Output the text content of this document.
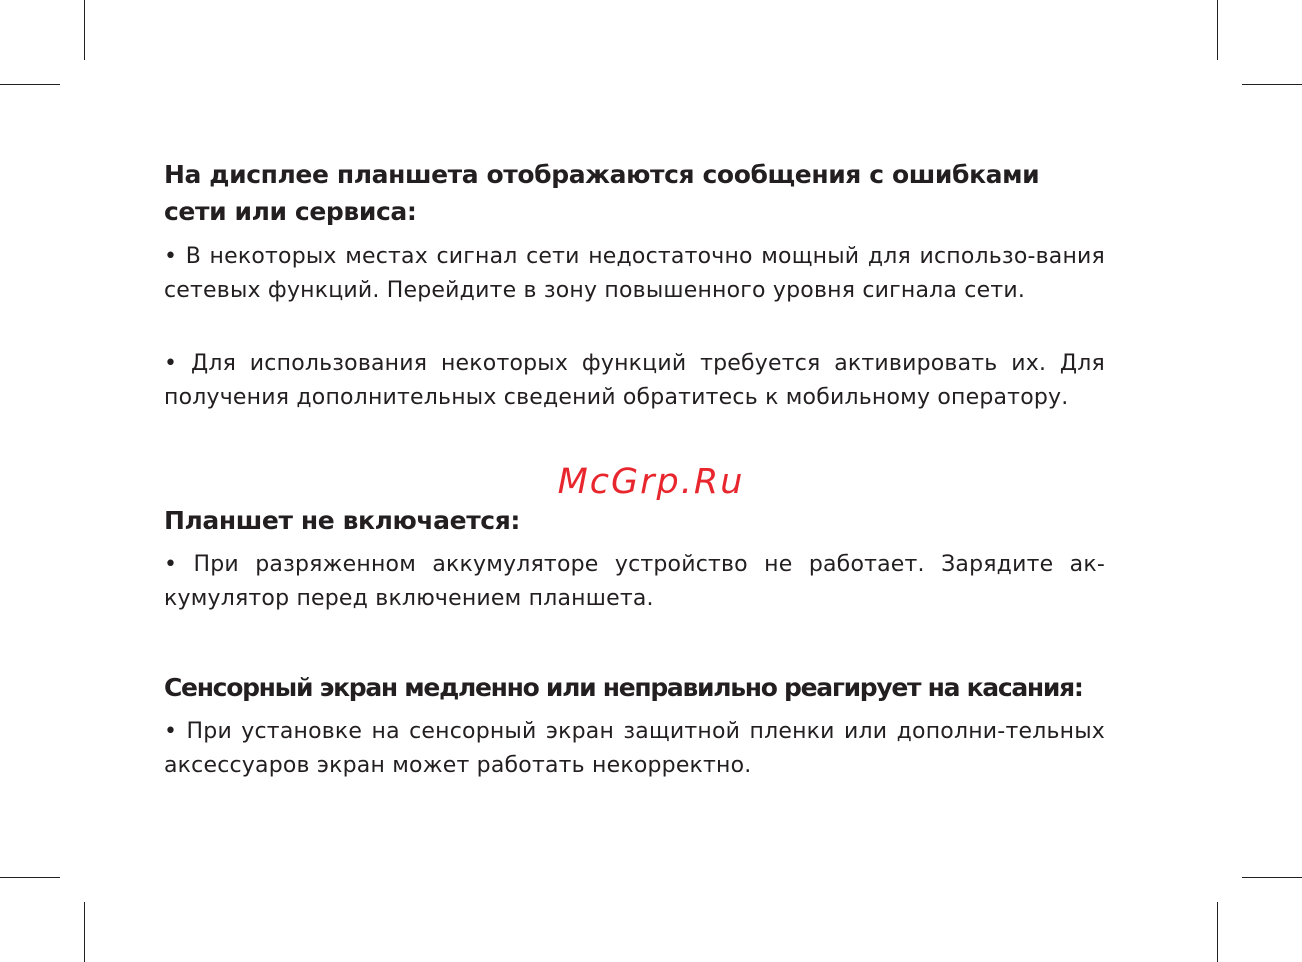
На дисплее планшета отображаются сообщения с ошибками сети или сервиса:

• В некоторых местах сигнал сети недостаточно мощный для использо-вания сетевых функций. Перейдите в зону повышенного уровня сигнала сети.

• Для использования некоторых функций требуется активировать их. Для получения дополнительных сведений обратитесь к мобильному оператору.

Планшет не включается:

• При разряженном аккумуляторе устройство не работает. Зарядите ак-кумулятор перед включением планшета.

Сенсорный экран медленно или неправильно реагирует на касания:

• При установке на сенсорный экран защитной пленки или дополни-тельных аксессуаров экран может работать некорректно.

McGrp.Ru
